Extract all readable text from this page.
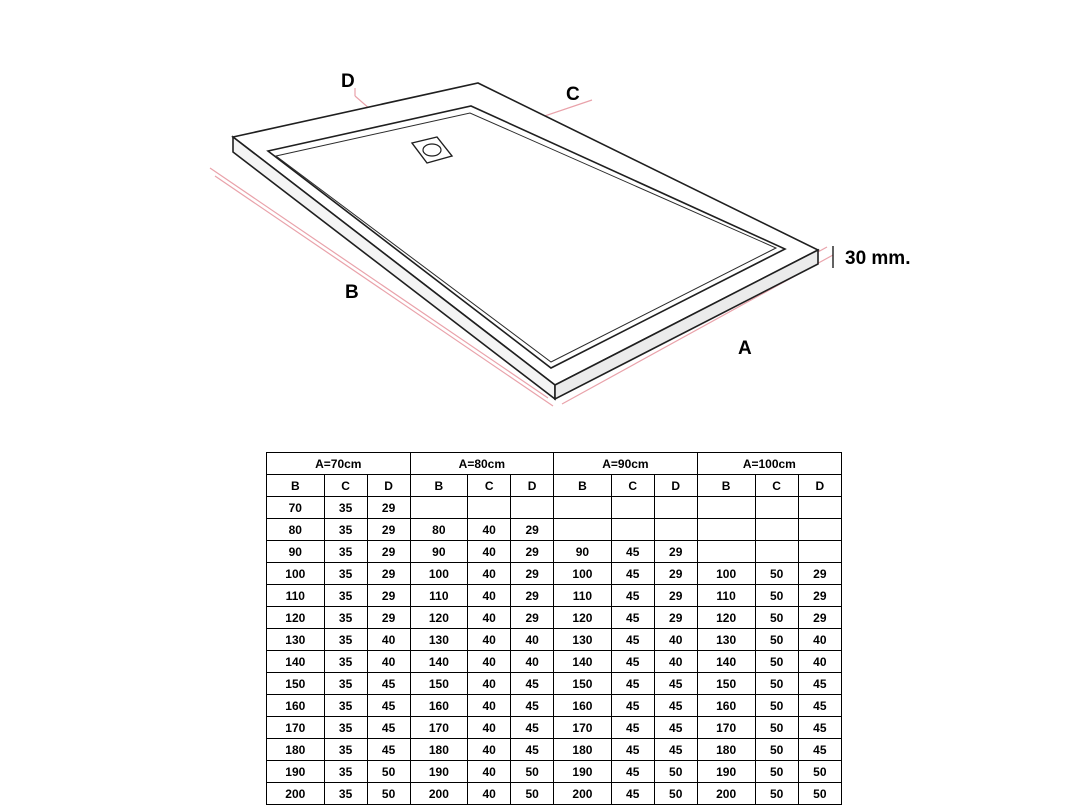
D
C
B
A
30 mm.
A=70cm			A=80cm			A=90cm			A=100cm		
B	C	D	B	C	D	B	C	D	B	C	D
70	35	29									
80	35	29	80	40	29						
90	35	29	90	40	29	90	45	29			
100	35	29	100	40	29	100	45	29	100	50	29
110	35	29	110	40	29	110	45	29	110	50	29
120	35	29	120	40	29	120	45	29	120	50	29
130	35	40	130	40	40	130	45	40	130	50	40
140	35	40	140	40	40	140	45	40	140	50	40
150	35	45	150	40	45	150	45	45	150	50	45
160	35	45	160	40	45	160	45	45	160	50	45
170	35	45	170	40	45	170	45	45	170	50	45
180	35	45	180	40	45	180	45	45	180	50	45
190	35	50	190	40	50	190	45	50	190	50	50
200	35	50	200	40	50	200	45	50	200	50	50
